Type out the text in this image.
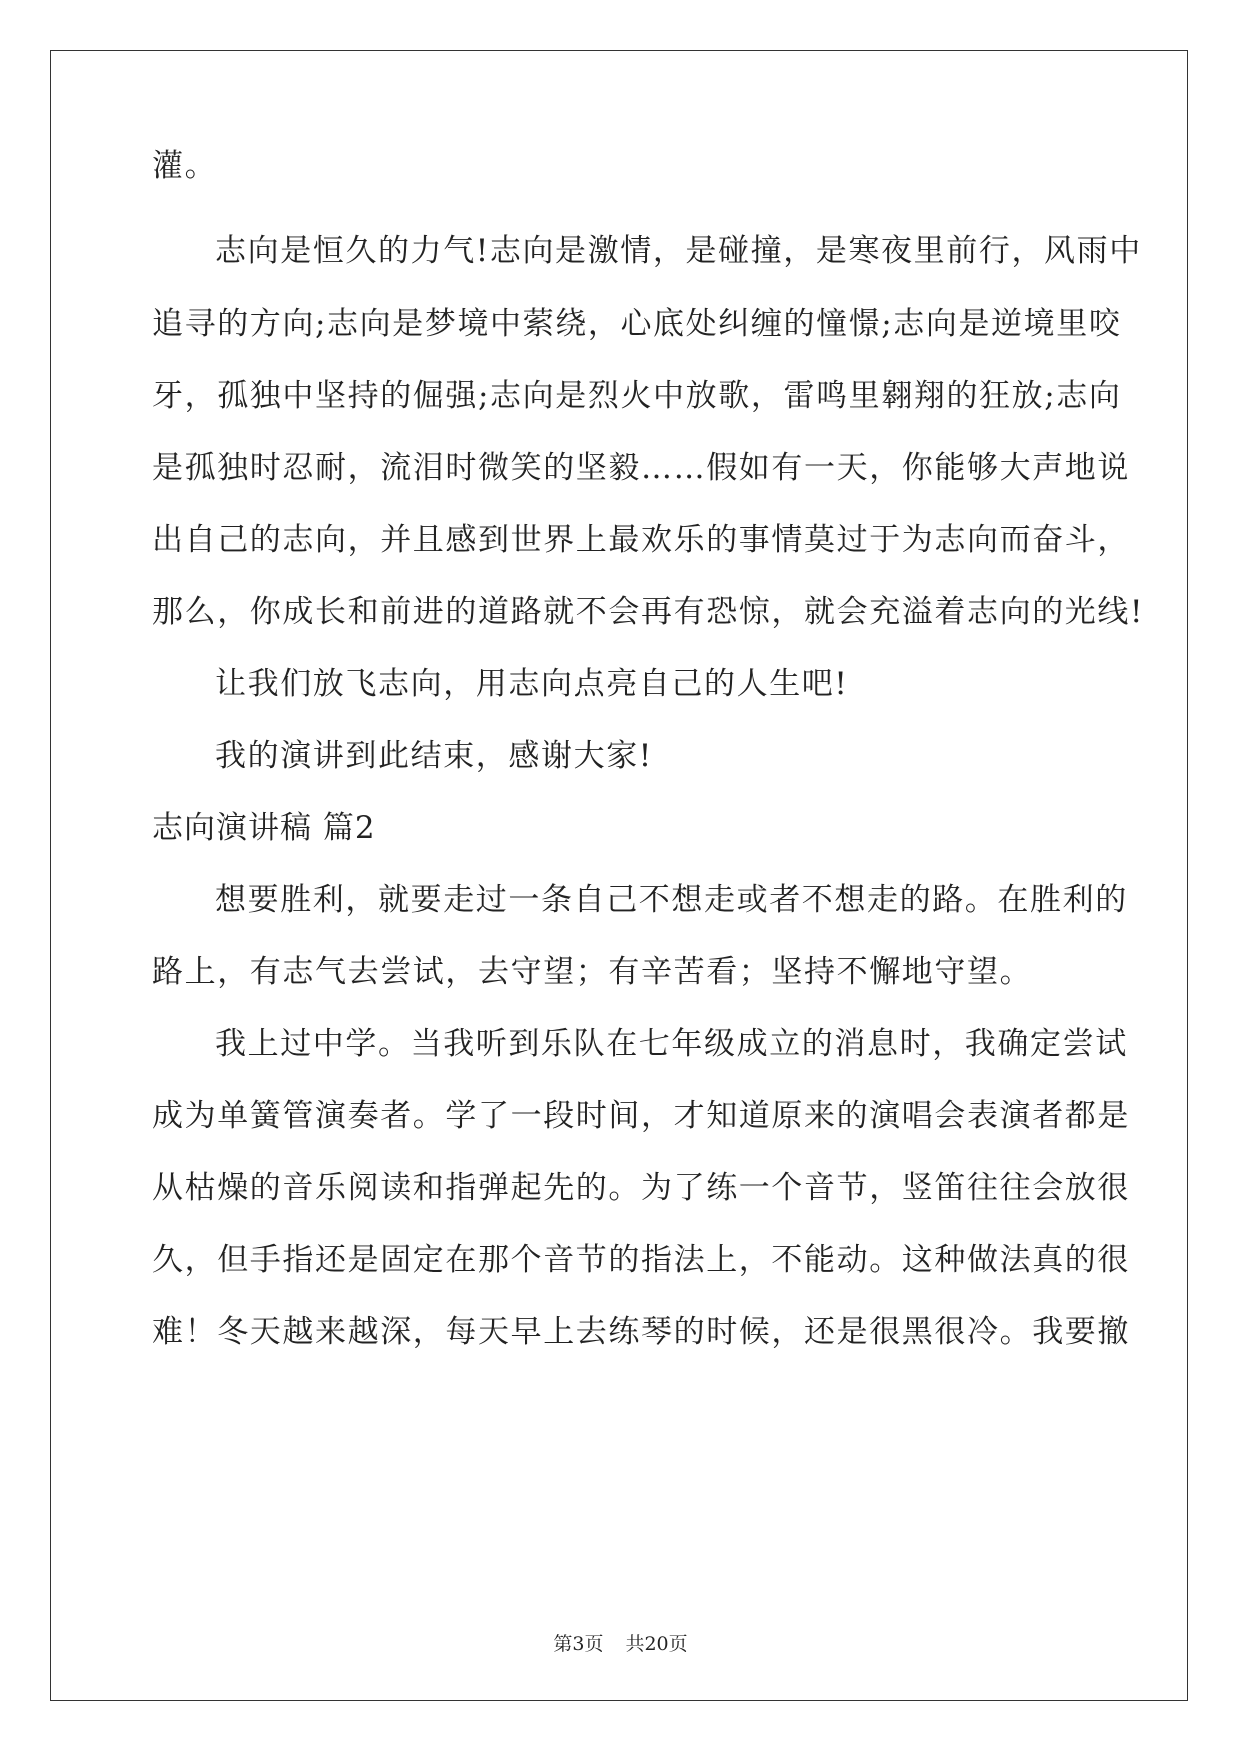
灌。
志向是恒久的力气!志向是激情，是碰撞，是寒夜里前行，风雨中
追寻的方向;志向是梦境中萦绕，心底处纠缠的憧憬;志向是逆境里咬
牙，孤独中坚持的倔强;志向是烈火中放歌，雷鸣里翱翔的狂放;志向
是孤独时忍耐，流泪时微笑的坚毅……假如有一天，你能够大声地说
出自己的志向，并且感到世界上最欢乐的事情莫过于为志向而奋斗，
那么，你成长和前进的道路就不会再有恐惊，就会充溢着志向的光线!
让我们放飞志向，用志向点亮自己的人生吧!
我的演讲到此结束，感谢大家!
志向演讲稿 篇2
想要胜利，就要走过一条自己不想走或者不想走的路。在胜利的
路上，有志气去尝试，去守望；有辛苦看；坚持不懈地守望。
我上过中学。当我听到乐队在七年级成立的消息时，我确定尝试
成为单簧管演奏者。学了一段时间，才知道原来的演唱会表演者都是
从枯燥的音乐阅读和指弹起先的。为了练一个音节，竖笛往往会放很
久，但手指还是固定在那个音节的指法上，不能动。这种做法真的很
难！冬天越来越深，每天早上去练琴的时候，还是很黑很冷。我要撤
第3页 共20页
